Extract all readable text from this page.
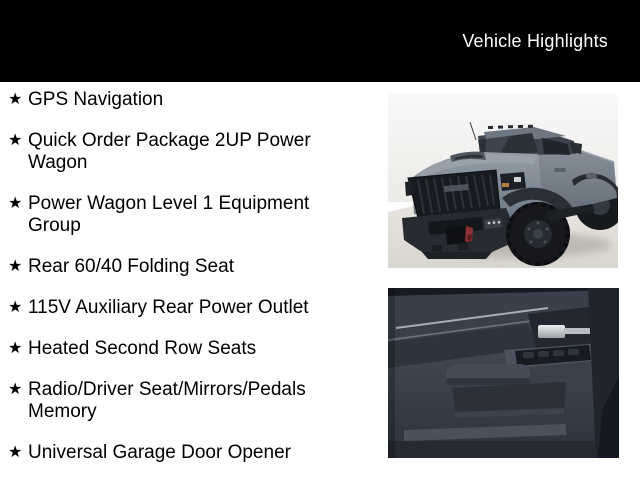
Vehicle Highlights
★ GPS Navigation
★ Quick Order Package 2UP Power Wagon
★ Power Wagon Level 1 Equipment Group
★ Rear 60/40 Folding Seat
★ 115V Auxiliary Rear Power Outlet
★ Heated Second Row Seats
★ Radio/Driver Seat/Mirrors/Pedals Memory
★ Universal Garage Door Opener
